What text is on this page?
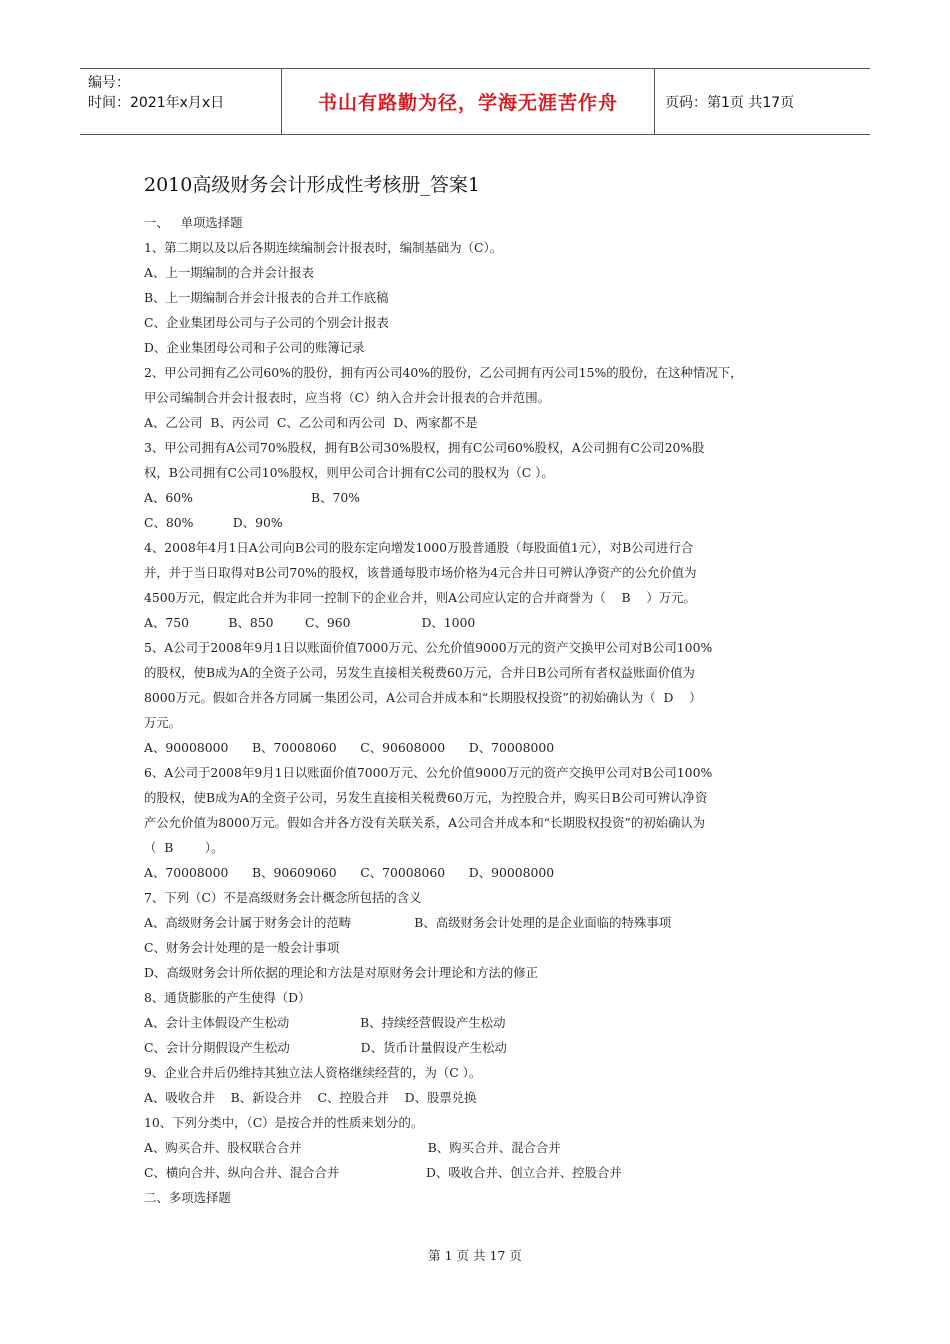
编号：
时间：2021年x月x日	书山有路勤为径，学海无涯苦作舟	页码：第1页 共17页
2010高级财务会计形成性考核册_答案1

一、   单项选择题

1、第二期以及以后各期连续编制会计报表时，编制基础为（C）。

A、上一期编制的合并会计报表

B、上一期编制合并会计报表的合并工作底稿

C、企业集团母公司与子公司的个别会计报表

D、企业集团母公司和子公司的账簿记录

2、甲公司拥有乙公司60%的股份，拥有丙公司40%的股份，乙公司拥有丙公司15%的股份，在这种情况下，

甲公司编制合并会计报表时，应当将（C）纳入合并会计报表的合并范围。

A、乙公司  B、丙公司  C、乙公司和丙公司  D、两家都不是

3、甲公司拥有A公司70%股权，拥有B公司30%股权，拥有C公司60%股权，A公司拥有C公司20%股

权，B公司拥有C公司10%股权，则甲公司合计拥有C公司的股权为（C ）。

A、60%                              B、70%

C、80%          D、90%

4、2008年4月1日A公司向B公司的股东定向增发1000万股普通股（每股面值1元），对B公司进行合

并，并于当日取得对B公司70%的股权，该普通每股市场价格为4元合并日可辨认净资产的公允价值为

4500万元，假定此合并为非同一控制下的企业合并，则A公司应认定的合并商誉为（    B    ）万元。

A、750          B、850        C、960                  D、1000

5、A公司于2008年9月1日以账面价值7000万元、公允价值9000万元的资产交换甲公司对B公司100%

的股权，使B成为A的全资子公司，另发生直接相关税费60万元，合并日B公司所有者权益账面价值为

8000万元。假如合并各方同属一集团公司，A公司合并成本和“长期股权投资”的初始确认为（  D    ）

万元。

A、90008000      B、70008060      C、90608000      D、70008000

6、A公司于2008年9月1日以账面价值7000万元、公允价值9000万元的资产交换甲公司对B公司100%

的股权，使B成为A的全资子公司，另发生直接相关税费60万元，为控股合并，购买日B公司可辨认净资

产公允价值为8000万元。假如合并各方没有关联关系，A公司合并成本和“长期股权投资”的初始确认为

（  B        ）。

A、70008000      B、90609060      C、70008060      D、90008000

7、下列（C）不是高级财务会计概念所包括的含义

A、高级财务会计属于财务会计的范畴                B、高级财务会计处理的是企业面临的特殊事项

C、财务会计处理的是一般会计事项

D、高级财务会计所依据的理论和方法是对原财务会计理论和方法的修正

8、通货膨胀的产生使得（D）

A、会计主体假设产生松动                  B、持续经营假设产生松动

C、会计分期假设产生松动                  D、货币计量假设产生松动

9、企业合并后仍维持其独立法人资格继续经营的，为（C ）。

A、吸收合并    B、新设合并    C、控股合并    D、股票兑换

10、下列分类中，（C）是按合并的性质来划分的。

A、购买合并、股权联合合并                                B、购买合并、混合合并

C、横向合并、纵向合并、混合合并                      D、吸收合并、创立合并、控股合并

二、多项选择题

第 1 页 共 17 页
